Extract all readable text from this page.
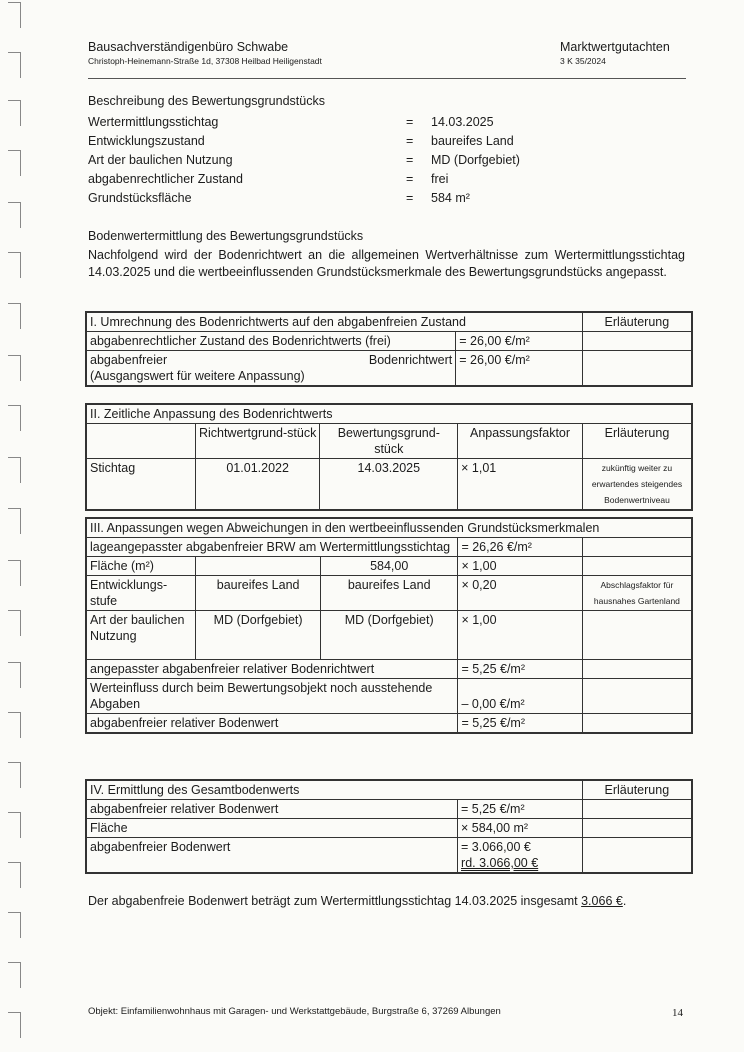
Bausachverständigenbüro Schwabe
Christoph-Heinemann-Straße 1d, 37308 Heilbad Heiligenstadt
Marktwertgutachten
3 K 35/2024
Beschreibung des Bewertungsgrundstücks
Wertermittlungsstichtag	= 14.03.2025
Entwicklungszustand	= baureifes Land
Art der baulichen Nutzung	= MD (Dorfgebiet)
abgabenrechtlicher Zustand	= frei
Grundstücksfläche	= 584 m²
Bodenwertermittlung des Bewertungsgrundstücks
Nachfolgend wird der Bodenrichtwert an die allgemeinen Wertverhältnisse zum Wertermittlungsstichtag 14.03.2025 und die wertbeeinflussenden Grundstücksmerkmale des Bewertungsgrundstücks angepasst.
I. Umrechnung des Bodenrichtwerts auf den abgabenfreien Zustand		Erläuterung
abgabenrechtlicher Zustand des Bodenrichtwerts (frei)	= 26,00 €/m²	

abgabenfreier Bodenrichtwert
(Ausgangswert für weitere Anpassung)	= 26,00 €/m²	
II. Zeitliche Anpassung des Bodenrichtwerts				
	Richtwertgrund-stück	Bewertungsgrund-stück	Anpassungsfaktor	Erläuterung
Stichtag	01.01.2022	14.03.2025	× 1,01	zukünftig weiter zu erwartendes steigendes Bodenwertniveau
III. Anpassungen wegen Abweichungen in den wertbeeinflussenden Grundstücksmerkmalen				
lageangepasster abgabenfreier BRW am Wertermittlungsstichtag			= 26,26 €/m²	
Fläche (m²)		584,00	× 1,00	
Entwicklungs-stufe	baureifes Land	baureifes Land	× 0,20	Abschlagsfaktor für hausnahes Gartenland
Art der baulichen Nutzung	MD (Dorfgebiet)	MD (Dorfgebiet)	× 1,00	
angepasster abgabenfreier relativer Bodenrichtwert			= 5,25 €/m²	
Werteinfluss durch beim Bewertungsobjekt noch ausstehende Abgaben			– 0,00 €/m²	
abgabenfreier relativer Bodenwert			= 5,25 €/m²	
IV. Ermittlung des Gesamtbodenwerts		Erläuterung
abgabenfreier relativer Bodenwert	= 5,25 €/m²	
Fläche	× 584,00 m²	
abgabenfreier Bodenwert	= 3.066,00 €
rd. 3.066,00 €	

Der abgabenfreie Bodenwert beträgt zum Wertermittlungsstichtag 14.03.2025 insgesamt 3.066 €.
Objekt: Einfamilienwohnhaus mit Garagen- und Werkstattgebäude, Burgstraße 6, 37269 Albungen	14
